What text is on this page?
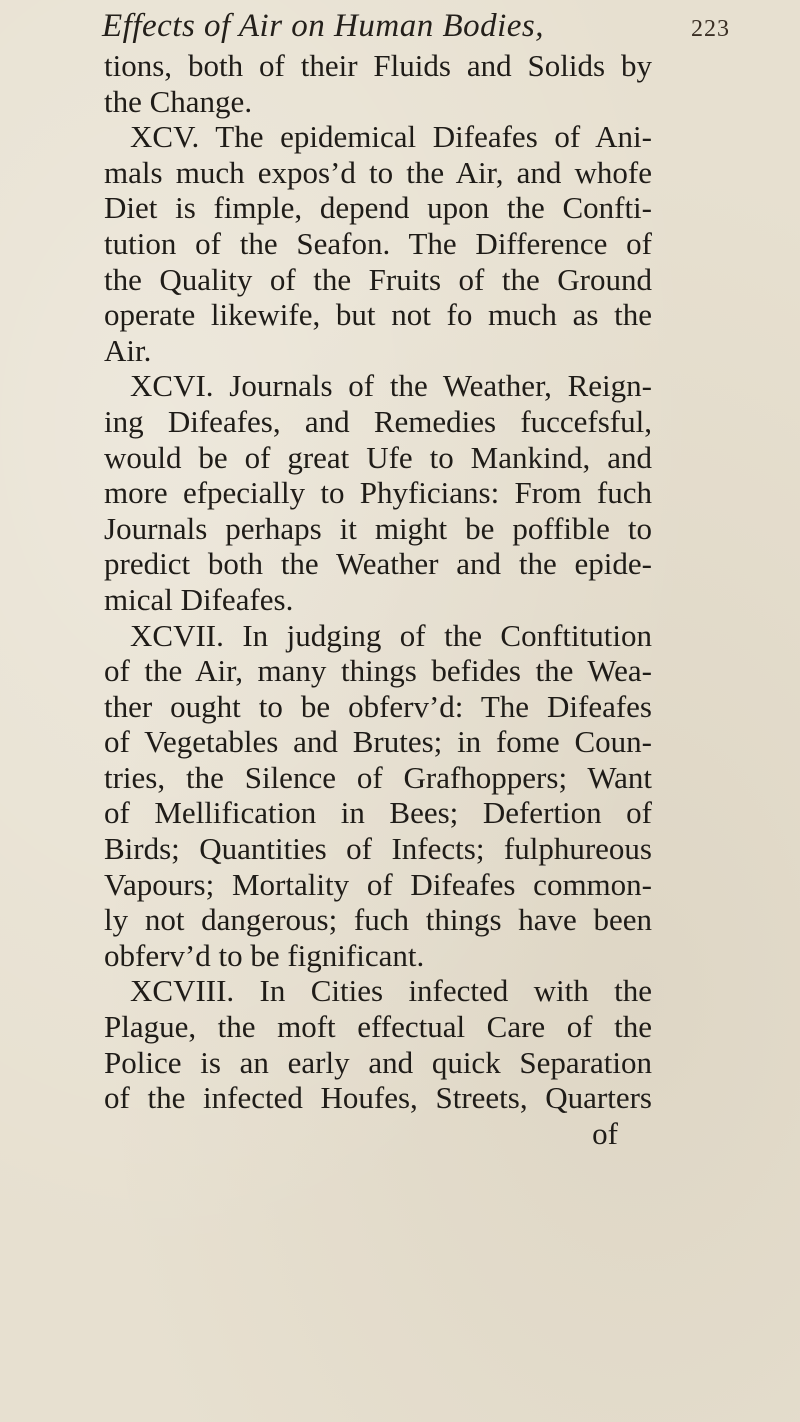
Effects of Air on Human Bodies,	223
tions, both of their Fluids and Solids by
the Change.
XCV. The epidemical Difeafes of Ani-
mals much expos’d to the Air, and whofe
Diet is fimple, depend upon the Confti-
tution of the Seafon. The Difference of
the Quality of the Fruits of the Ground
operate likewife, but not fo much as the
Air.
XCVI. Journals of the Weather, Reign-
ing Difeafes, and Remedies fuccefsful,
would be of great Ufe to Mankind, and
more efpecially to Phyficians: From fuch
Journals perhaps it might be poffible to
predict both the Weather and the epide-
mical Difeafes.
XCVII. In judging of the Conftitution
of the Air, many things befides the Wea-
ther ought to be obferv’d: The Difeafes
of Vegetables and Brutes; in fome Coun-
tries, the Silence of Grafhoppers; Want
of Mellification in Bees; Defertion of
Birds; Quantities of Infects; fulphureous
Vapours; Mortality of Difeafes common-
ly not dangerous; fuch things have been
obferv’d to be fignificant.
XCVIII. In Cities infected with the
Plague, the moft effectual Care of the
Police is an early and quick Separation
of the infected Houfes, Streets, Quarters
of
